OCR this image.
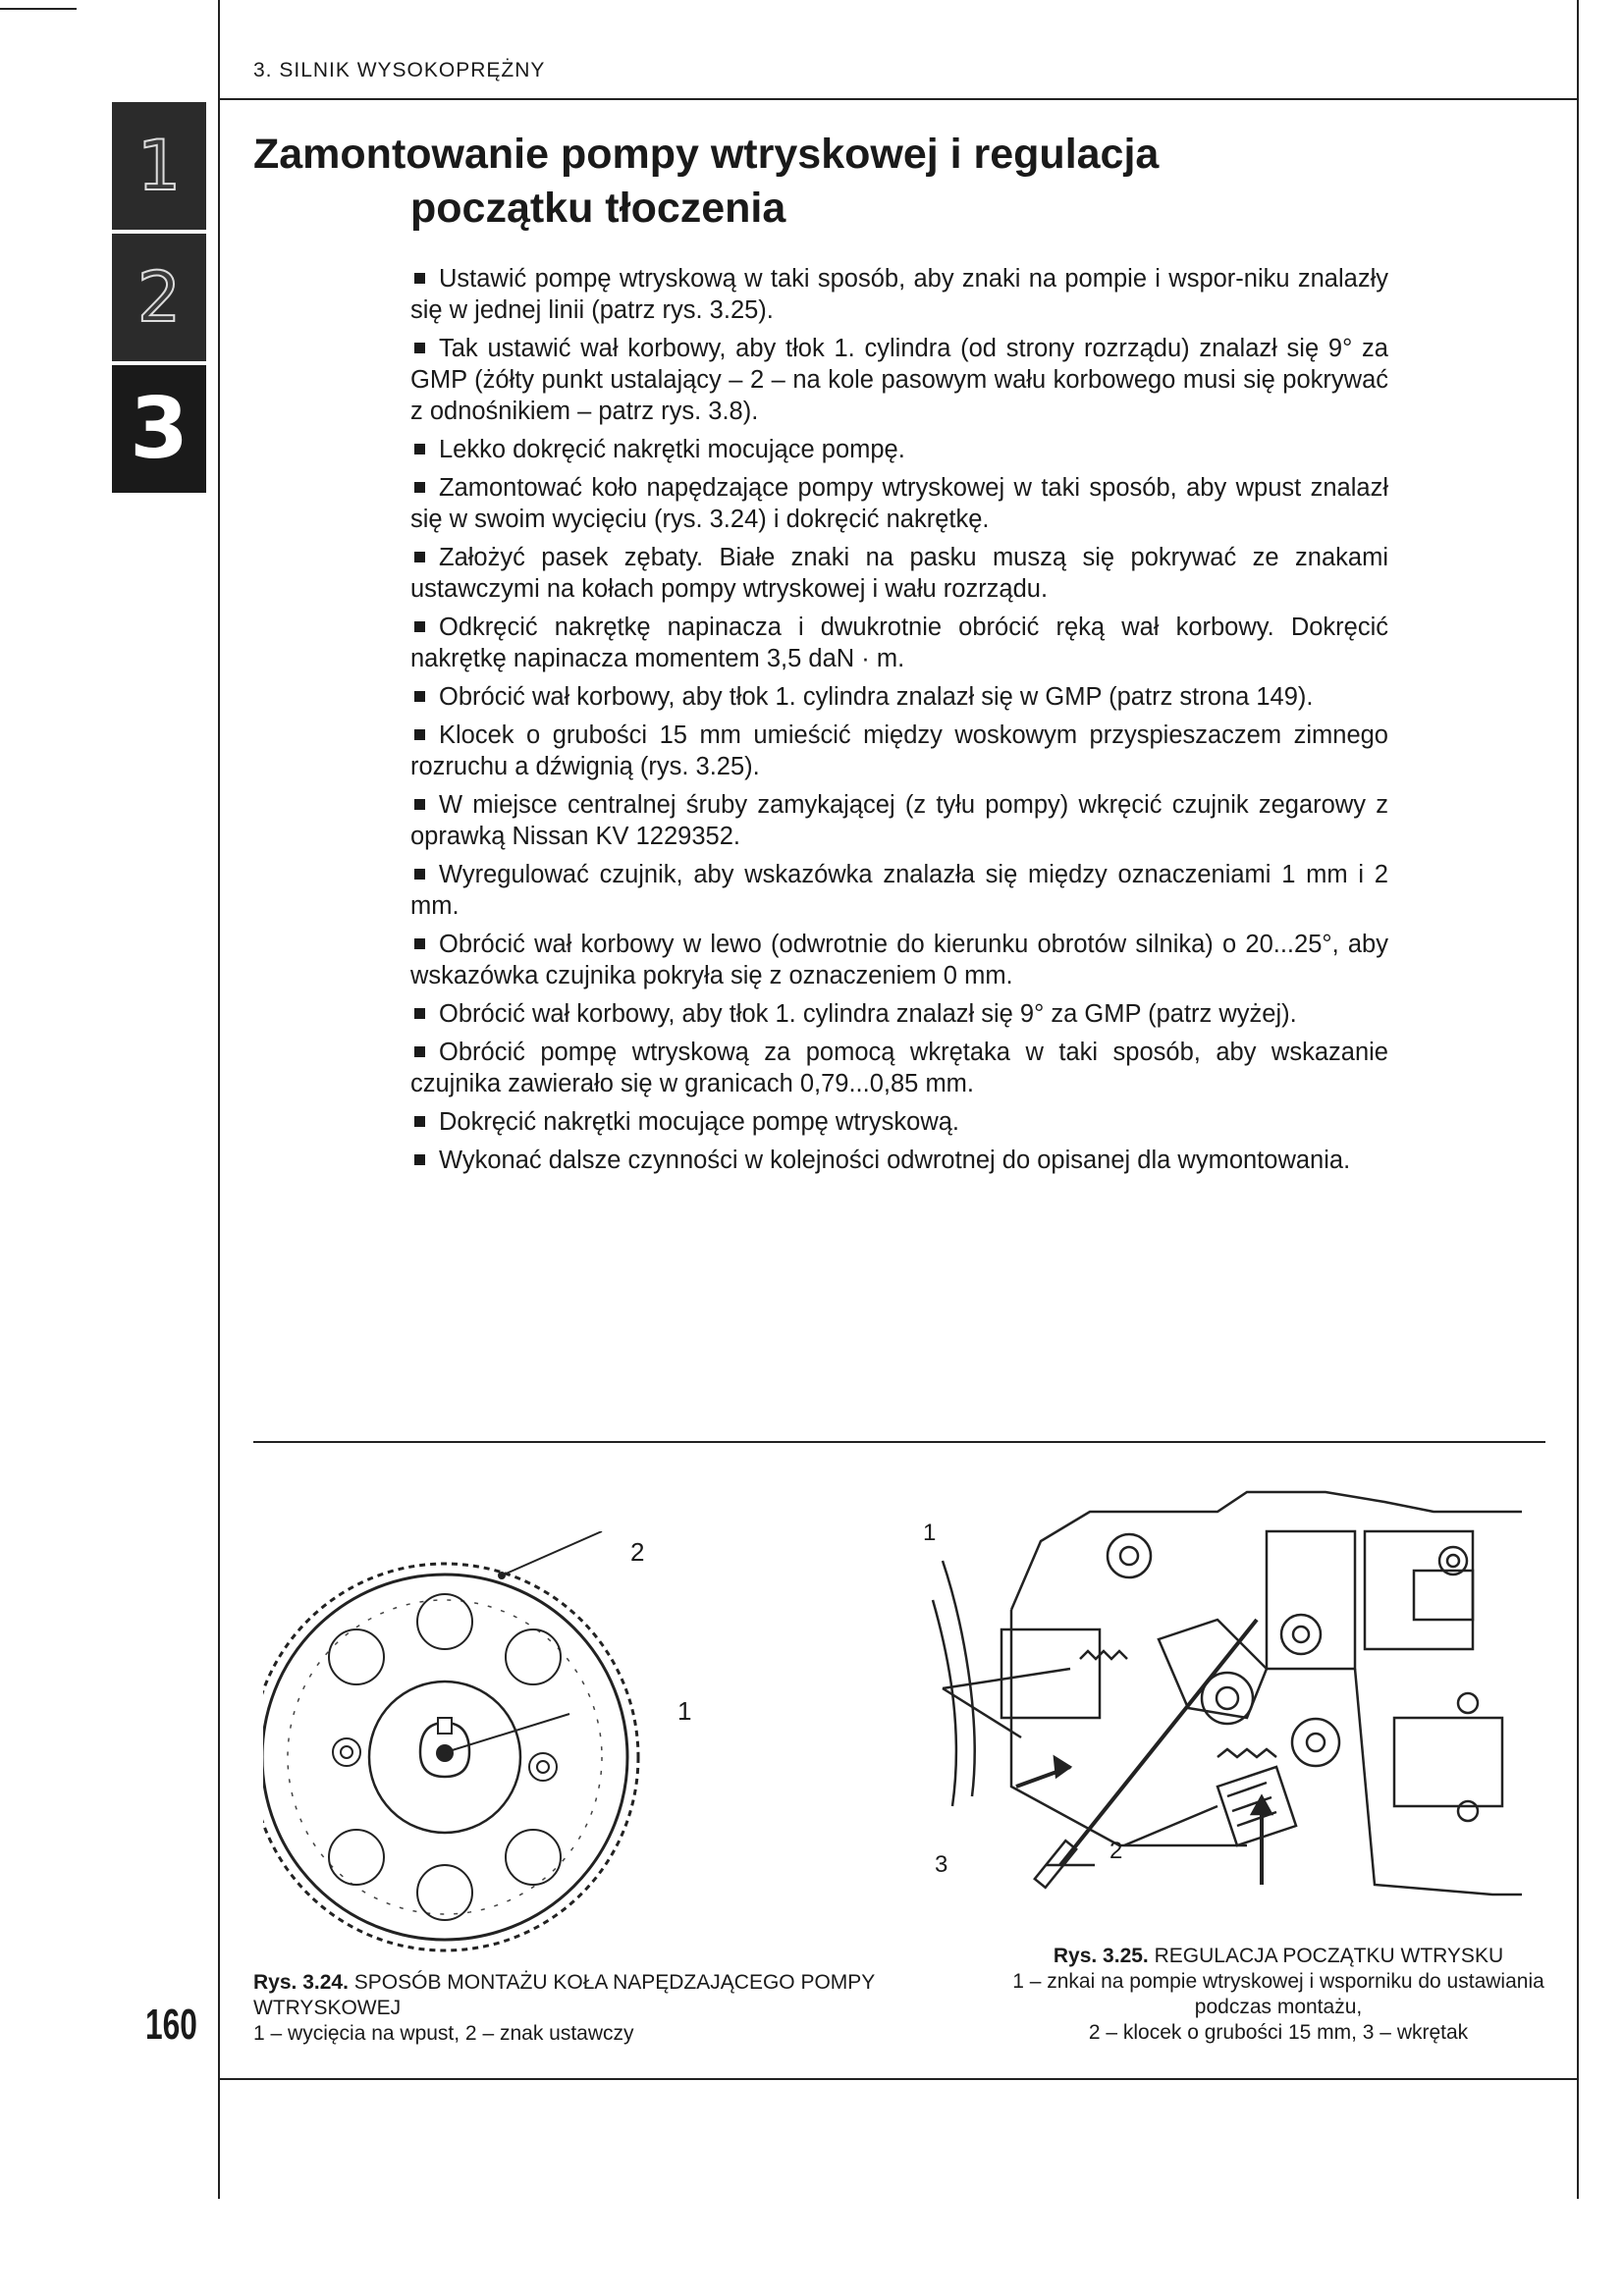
3. SILNIK WYSOKOPRĘŻNY
1
2
3
Zamontowanie pompy wtryskowej i regulacja
początku tłoczenia
Ustawić pompę wtryskową w taki sposób, aby znaki na pompie i wspor-niku znalazły się w jednej linii (patrz rys. 3.25).
Tak ustawić wał korbowy, aby tłok 1. cylindra (od strony rozrządu) znalazł się 9° za GMP (żółty punkt ustalający – 2 – na kole pasowym wału korbowego musi się pokrywać z odnośnikiem – patrz rys. 3.8).
Lekko dokręcić nakrętki mocujące pompę.
Zamontować koło napędzające pompy wtryskowej w taki sposób, aby wpust znalazł się w swoim wycięciu (rys. 3.24) i dokręcić nakrętkę.
Założyć pasek zębaty. Białe znaki na pasku muszą się pokrywać ze znakami ustawczymi na kołach pompy wtryskowej i wału rozrządu.
Odkręcić nakrętkę napinacza i dwukrotnie obrócić ręką wał korbowy. Dokręcić nakrętkę napinacza momentem 3,5 daN · m.
Obrócić wał korbowy, aby tłok 1. cylindra znalazł się w GMP (patrz strona 149).
Klocek o grubości 15 mm umieścić między woskowym przyspieszaczem zimnego rozruchu a dźwignią (rys. 3.25).
W miejsce centralnej śruby zamykającej (z tyłu pompy) wkręcić czujnik zegarowy z oprawką Nissan KV 1229352.
Wyregulować czujnik, aby wskazówka znalazła się między oznaczeniami 1 mm i 2 mm.
Obrócić wał korbowy w lewo (odwrotnie do kierunku obrotów silnika) o 20...25°, aby wskazówka czujnika pokryła się z oznaczeniem 0 mm.
Obrócić wał korbowy, aby tłok 1. cylindra znalazł się 9° za GMP (patrz wyżej).
Obrócić pompę wtryskową za pomocą wkrętaka w taki sposób, aby wskazanie czujnika zawierało się w granicach 0,79...0,85 mm.
Dokręcić nakrętki mocujące pompę wtryskową.
Wykonać dalsze czynności w kolejności odwrotnej do opisanej dla wymontowania.
1
2
1
2
3
Rys. 3.24. SPOSÓB MONTAŻU KOŁA NAPĘDZAJĄCEGO POMPY WTRYSKOWEJ
1 – wycięcia na wpust, 2 – znak ustawczy
Rys. 3.25. REGULACJA POCZĄTKU WTRYSKU
1 – znkai na pompie wtryskowej i wsporniku do ustawiania podczas montażu,
2 – klocek o grubości 15 mm, 3 – wkrętak
160
